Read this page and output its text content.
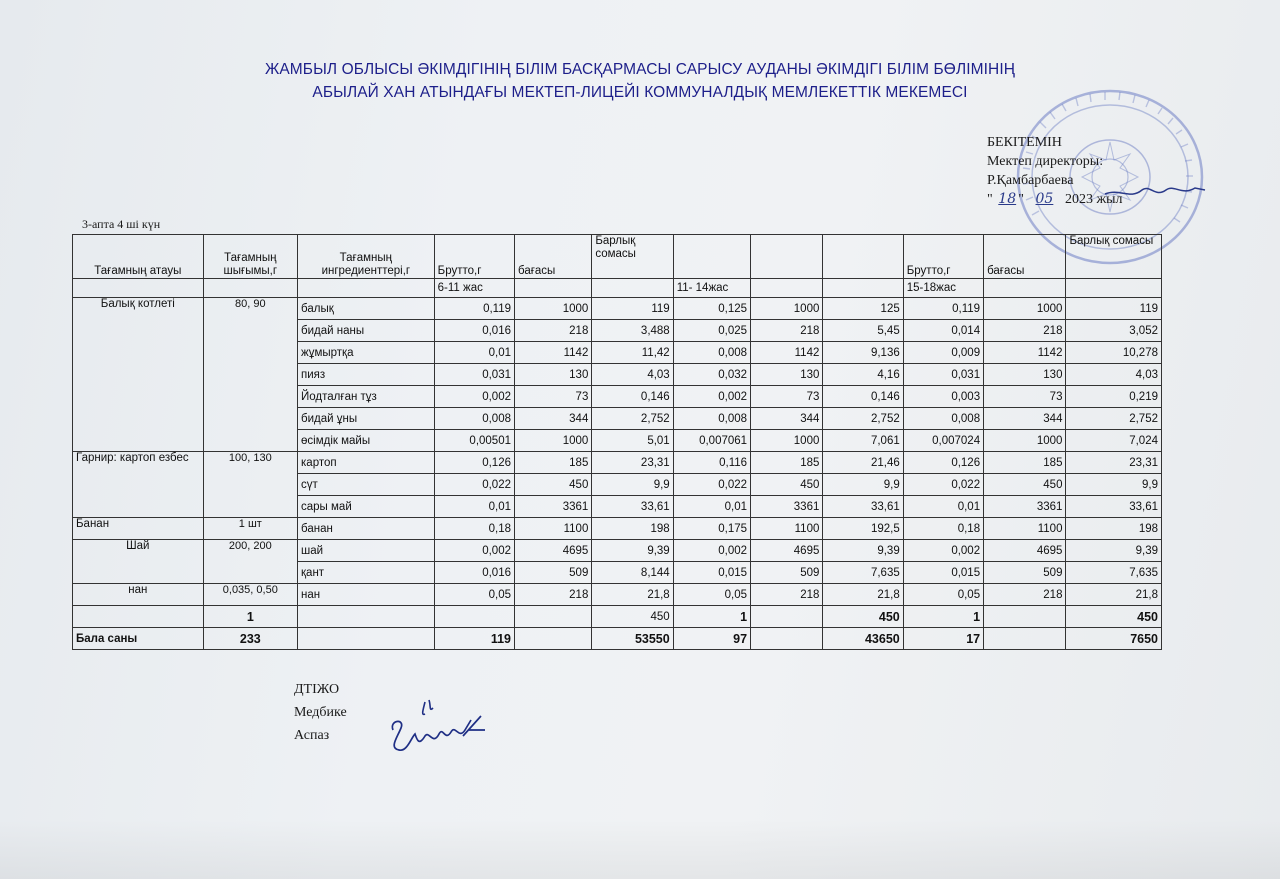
ЖАМБЫЛ ОБЛЫСЫ ӘКІМДІГІНІҢ БІЛІМ БАСҚАРМАСЫ САРЫСУ АУДАНЫ ӘКІМДІГІ БІЛІМ БӨЛІМІНІҢ
АБЫЛАЙ ХАН АТЫНДАҒЫ МЕКТЕП-ЛИЦЕЙІ КОММУНАЛДЫҚ МЕМЛЕКЕТТІК МЕКЕМЕСІ
БЕКІТЕМІН
Мектеп директоры:
Р.Қамбарбаева
" 18 " 05 2023 жыл
3-апта 4 ші күн
Тағамның атауы	Тағамның шығымы,г	Тағамның ингредиенттері,г	Брутто,г	бағасы	Барлық сомасы				Брутто,г	бағасы	Барлық сомасы
			6-11 жас			11- 14жас			15-18жас		
Балық котлеті	80, 90	балық	0,119	1000	119	0,125	1000	125	0,119	1000	119
		бидай наны	0,016	218	3,488	0,025	218	5,45	0,014	218	3,052
		жұмыртқа	0,01	1142	11,42	0,008	1142	9,136	0,009	1142	10,278
		пияз	0,031	130	4,03	0,032	130	4,16	0,031	130	4,03
		Йодталған тұз	0,002	73	0,146	0,002	73	0,146	0,003	73	0,219
		бидай ұны	0,008	344	2,752	0,008	344	2,752	0,008	344	2,752
		өсімдік майы	0,00501	1000	5,01	0,007061	1000	7,061	0,007024	1000	7,024
Гарнир: картоп езбес	100, 130	картоп	0,126	185	23,31	0,116	185	21,46	0,126	185	23,31
		сүт	0,022	450	9,9	0,022	450	9,9	0,022	450	9,9
		сары май	0,01	3361	33,61	0,01	3361	33,61	0,01	3361	33,61
Банан	1 шт	банан	0,18	1100	198	0,175	1100	192,5	0,18	1100	198
Шай	200, 200	шай	0,002	4695	9,39	0,002	4695	9,39	0,002	4695	9,39
		қант	0,016	509	8,144	0,015	509	7,635	0,015	509	7,635
нан	0,035, 0,50	нан	0,05	218	21,8	0,05	218	21,8	0,05	218	21,8
	1				450	1		450	1		450
Бала саны	233		119		53550	97		43650	17		7650
ДТІЖО
Медбике
Аспаз
